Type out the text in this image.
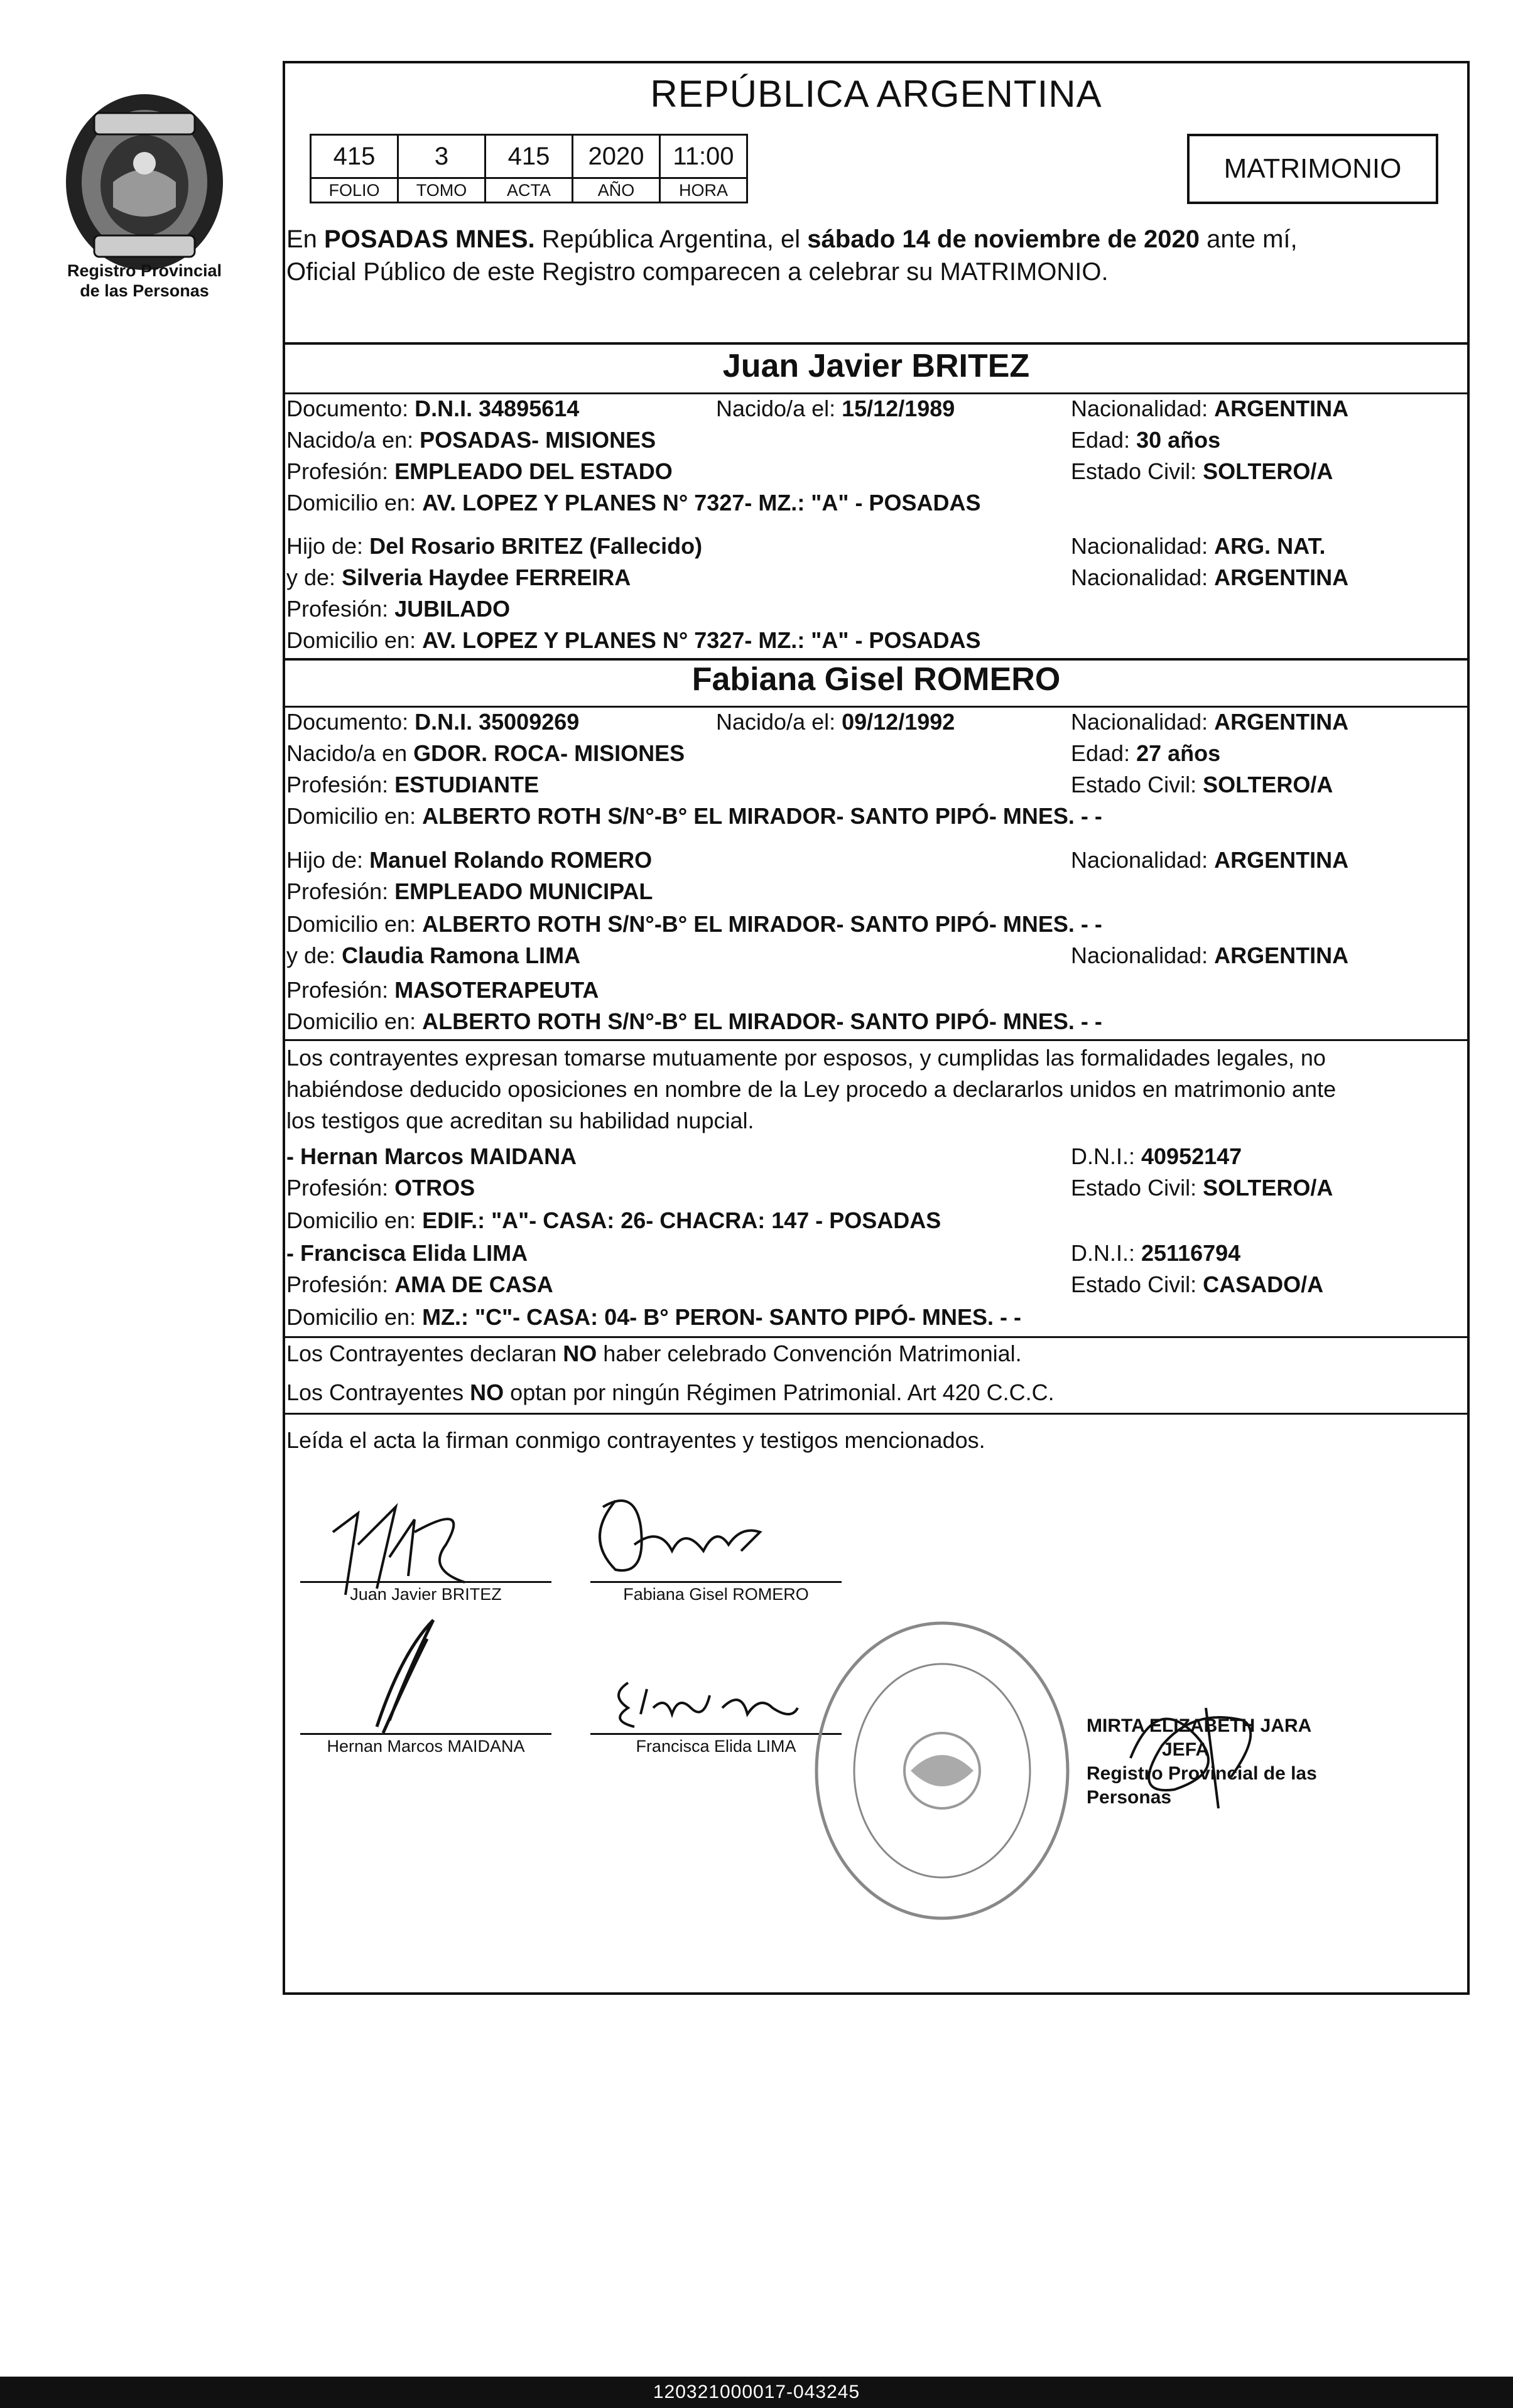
Registro Provincial
de las Personas
REPÚBLICA ARGENTINA
415	3	415	2020	11:00
FOLIO	TOMO	ACTA	AÑO	HORA
MATRIMONIO
En POSADAS MNES. República Argentina, el sábado 14 de noviembre de 2020 ante mí,
Oficial Público de este Registro comparecen a celebrar su MATRIMONIO.
Juan Javier BRITEZ
Documento: D.N.I. 34895614	Nacido/a el: 15/12/1989	Nacionalidad: ARGENTINA
Nacido/a en: POSADAS- MISIONES	Edad: 30 años
Profesión: EMPLEADO DEL ESTADO	Estado Civil: SOLTERO/A
Domicilio en: AV. LOPEZ Y PLANES N° 7327- MZ.: "A" - POSADAS
Hijo de: Del Rosario BRITEZ (Fallecido)	Nacionalidad: ARG. NAT.
y de: Silveria Haydee FERREIRA	Nacionalidad: ARGENTINA
Profesión: JUBILADO
Domicilio en: AV. LOPEZ Y PLANES N° 7327- MZ.: "A" - POSADAS
Fabiana Gisel ROMERO
Documento: D.N.I. 35009269	Nacido/a el: 09/12/1992	Nacionalidad: ARGENTINA
Nacido/a en GDOR. ROCA- MISIONES	Edad: 27 años
Profesión: ESTUDIANTE	Estado Civil: SOLTERO/A
Domicilio en: ALBERTO ROTH S/N°-B° EL MIRADOR- SANTO PIPÓ- MNES. - -
Hijo de: Manuel Rolando ROMERO	Nacionalidad: ARGENTINA
Profesión: EMPLEADO MUNICIPAL
Domicilio en: ALBERTO ROTH S/N°-B° EL MIRADOR- SANTO PIPÓ- MNES. - -
y de: Claudia Ramona LIMA	Nacionalidad: ARGENTINA
Profesión: MASOTERAPEUTA
Domicilio en: ALBERTO ROTH S/N°-B° EL MIRADOR- SANTO PIPÓ- MNES. - -
Los contrayentes expresan tomarse mutuamente por esposos, y cumplidas las formalidades legales, no
habiéndose deducido oposiciones en nombre de la Ley procedo a declararlos unidos en matrimonio ante
los testigos que acreditan su habilidad nupcial.
- Hernan Marcos MAIDANA	D.N.I.: 40952147
Profesión: OTROS	Estado Civil: SOLTERO/A
Domicilio en: EDIF.: "A"- CASA: 26- CHACRA: 147 - POSADAS
- Francisca Elida LIMA	D.N.I.: 25116794
Profesión: AMA DE CASA	Estado Civil: CASADO/A
Domicilio en: MZ.: "C"- CASA: 04- B° PERON- SANTO PIPÓ- MNES. - -
Los Contrayentes declaran NO haber celebrado Convención Matrimonial.
Los Contrayentes NO optan por ningún Régimen Patrimonial. Art 420 C.C.C.
Leída el acta la firman conmigo contrayentes y testigos mencionados.
Juan Javier BRITEZ	Fabiana Gisel ROMERO
Hernan Marcos MAIDANA	Francisca Elida LIMA
MIRTA ELIZABETH JARA
JEFA
Registro Provincial de las Personas
120321000017-043245
